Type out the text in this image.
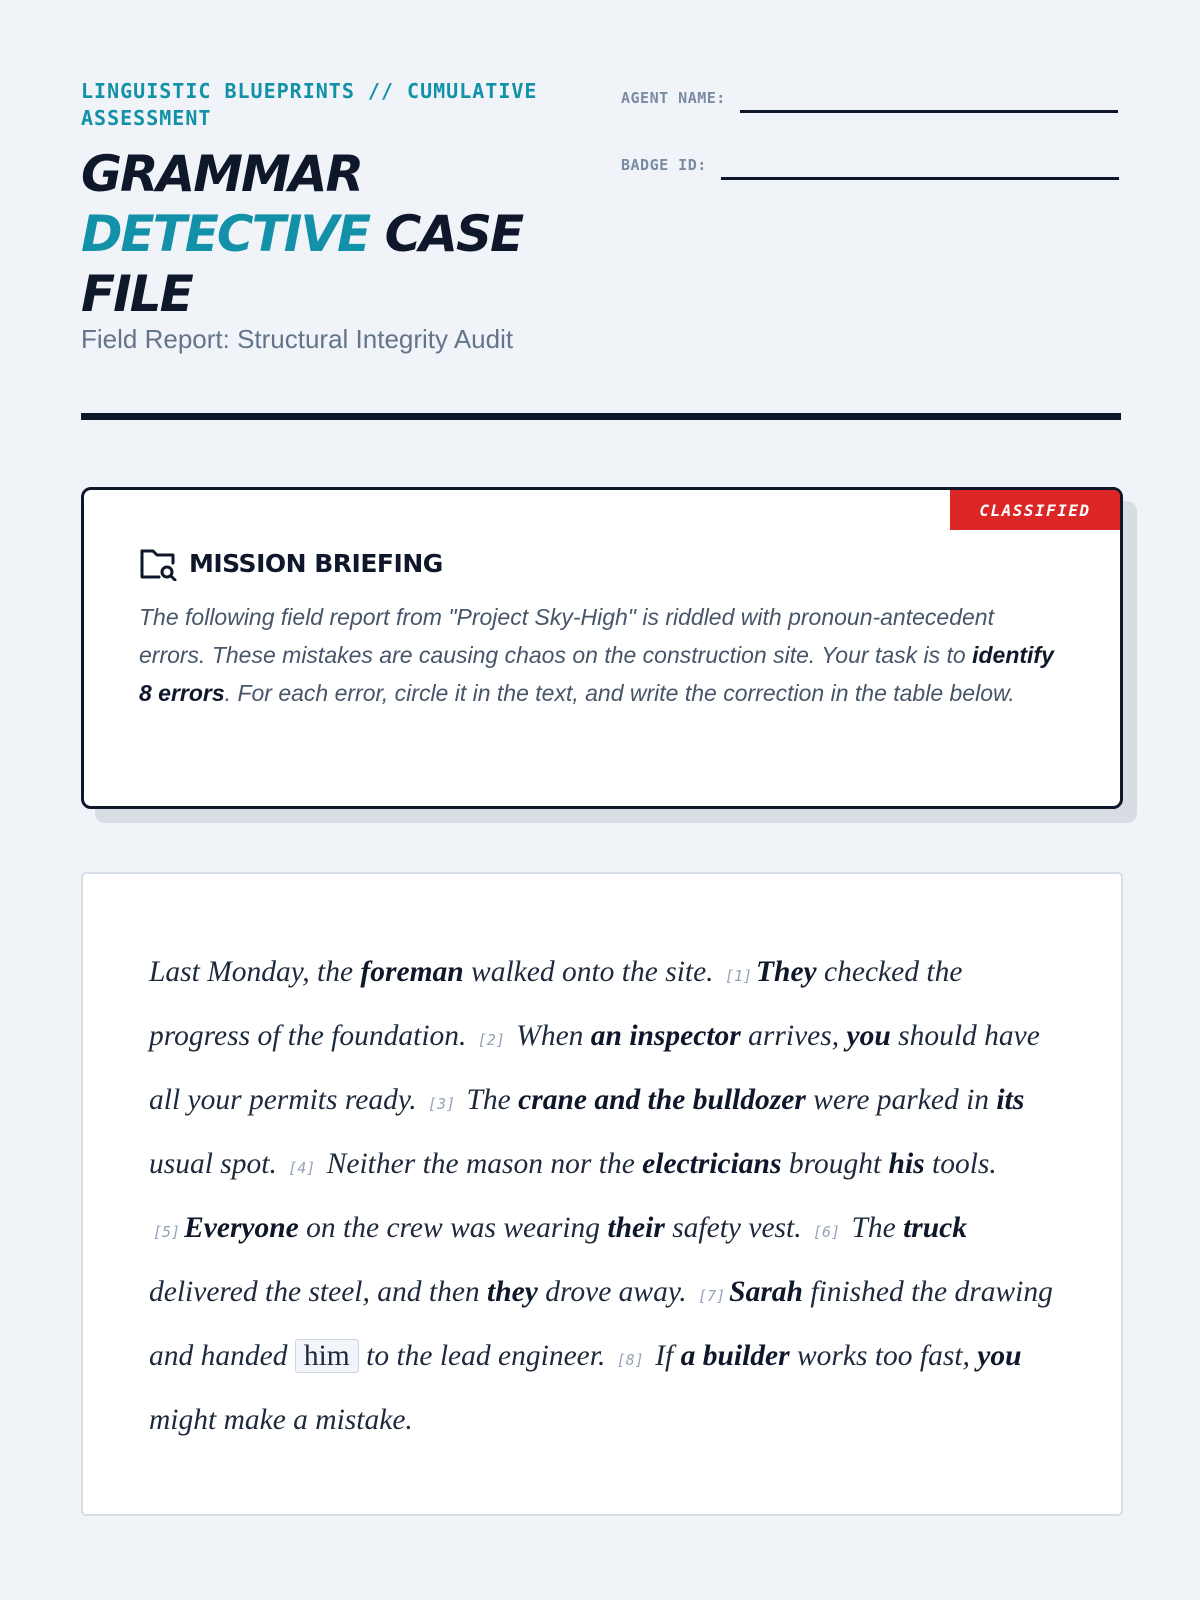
LINGUISTIC BLUEPRINTS // CUMULATIVE ASSESSMENT
GRAMMAR
DETECTIVE CASE
FILE
Field Report: Structural Integrity Audit
AGENT NAME:
BADGE ID:
CLASSIFIED
MISSION BRIEFING

The following field report from "Project Sky-High" is riddled with pronoun-antecedent errors. These mistakes are causing chaos on the construction site. Your task is to identify 8 errors. For each error, circle it in the text, and write the correction in the table below.

Last Monday, the foreman walked onto the site. [1] They checked the progress of the foundation. [2] When an inspector arrives, you should have all your permits ready. [3] The crane and the bulldozer were parked in its usual spot. [4] Neither the mason nor the electricians brought his tools. [5] Everyone on the crew was wearing their safety vest. [6] The truck delivered the steel, and then they drove away. [7] Sarah finished the drawing and handed him to the lead engineer. [8] If a builder works too fast, you might make a mistake.
